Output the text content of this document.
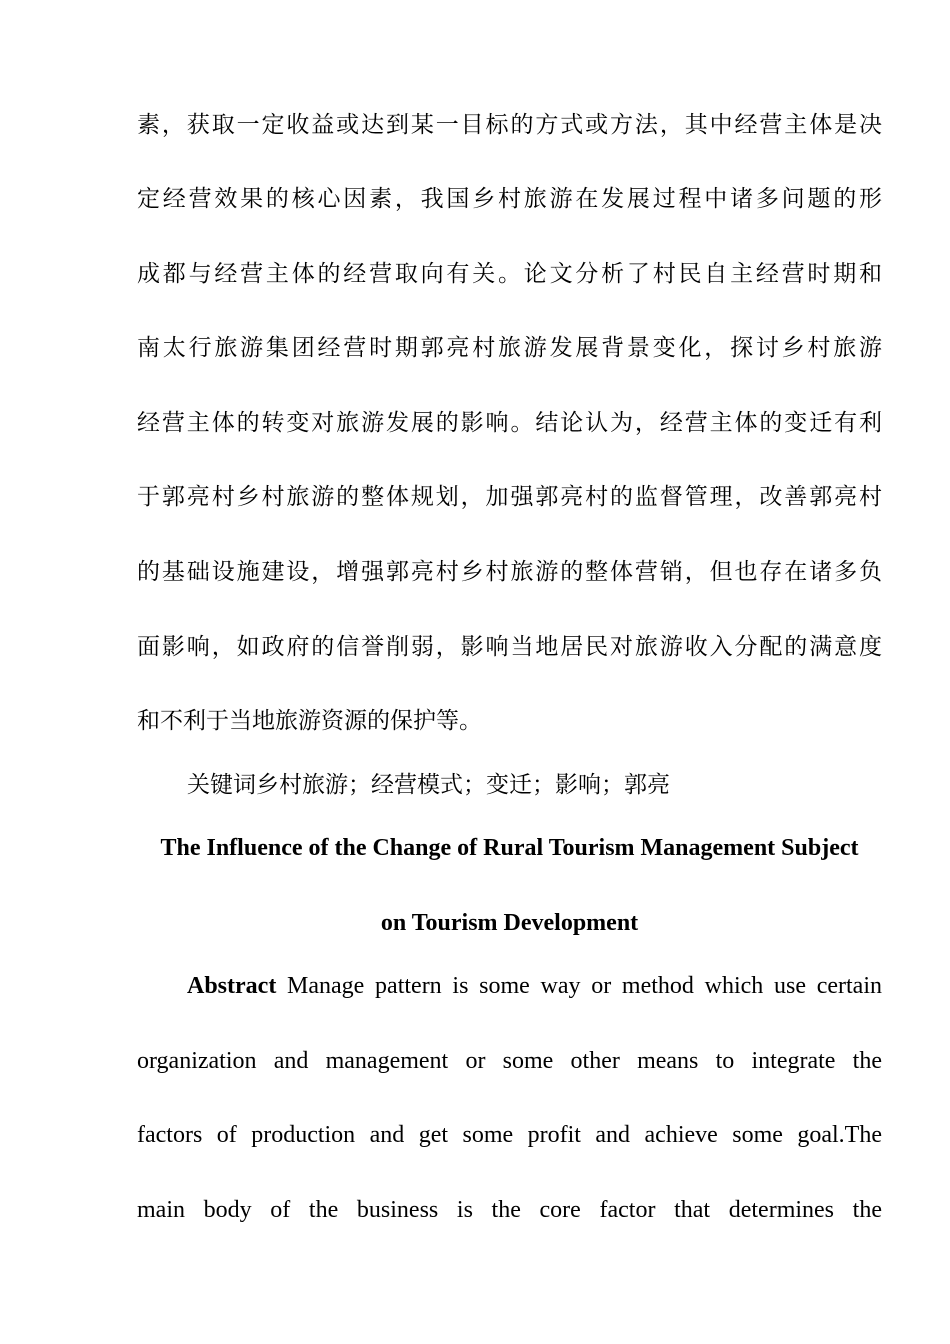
素，获取一定收益或达到某一目标的方式或方法，其中经营主体是决

定经营效果的核心因素，我国乡村旅游在发展过程中诸多问题的形

成都与经营主体的经营取向有关。论文分析了村民自主经营时期和

南太行旅游集团经营时期郭亮村旅游发展背景变化，探讨乡村旅游

经营主体的转变对旅游发展的影响。结论认为，经营主体的变迁有利

于郭亮村乡村旅游的整体规划，加强郭亮村的监督管理，改善郭亮村

的基础设施建设，增强郭亮村乡村旅游的整体营销，但也存在诸多负

面影响，如政府的信誉削弱，影响当地居民对旅游收入分配的满意度

和不利于当地旅游资源的保护等。

关键词乡村旅游；经营模式；变迁；影响；郭亮

The Influence of the Change of Rural Tourism Management Subject

on Tourism Development

Abstract Manage pattern is some way or method which use certain

organization and management or some other means to integrate the

factors of production and get some profit and achieve some goal.The

main body of the business is the core factor that determines the
